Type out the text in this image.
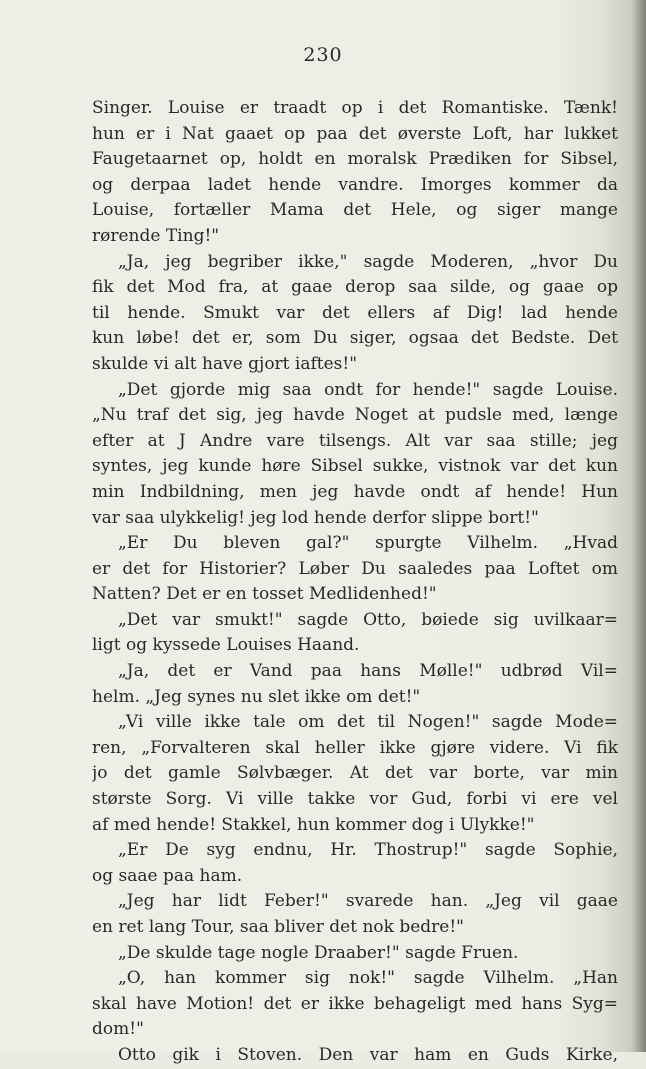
230
Singer. Louise er traadt op i det Romantiske. Tænk!
hun er i Nat gaaet op paa det øverste Loft, har lukket
Faugetaarnet op, holdt en moralsk Prædiken for Sibsel,
og derpaa ladet hende vandre. Imorges kommer da
Louise, fortæller Mama det Hele, og siger mange
rørende Ting!"
„Ja, jeg begriber ikke," sagde Moderen, „hvor Du
fik det Mod fra, at gaae derop saa silde, og gaae op
til hende. Smukt var det ellers af Dig! lad hende
kun løbe! det er, som Du siger, ogsaa det Bedste. Det
skulde vi alt have gjort iaftes!"
„Det gjorde mig saa ondt for hende!" sagde Louise.
„Nu traf det sig, jeg havde Noget at pudsle med, længe
efter at J Andre vare tilsengs. Alt var saa stille; jeg
syntes, jeg kunde høre Sibsel sukke, vistnok var det kun
min Indbildning, men jeg havde ondt af hende! Hun
var saa ulykkelig! jeg lod hende derfor slippe bort!"
„Er Du bleven gal?" spurgte Vilhelm. „Hvad
er det for Historier? Løber Du saaledes paa Loftet om
Natten? Det er en tosset Medlidenhed!"
„Det var smukt!" sagde Otto, bøiede sig uvilkaar=
ligt og kyssede Louises Haand.
„Ja, det er Vand paa hans Mølle!" udbrød Vil=
helm. „Jeg synes nu slet ikke om det!"
„Vi ville ikke tale om det til Nogen!" sagde Mode=
ren, „Forvalteren skal heller ikke gjøre videre. Vi fik
jo det gamle Sølvbæger. At det var borte, var min
største Sorg. Vi ville takke vor Gud, forbi vi ere vel
af med hende! Stakkel, hun kommer dog i Ulykke!"
„Er De syg endnu, Hr. Thostrup!" sagde Sophie,
og saae paa ham.
„Jeg har lidt Feber!" svarede han. „Jeg vil gaae
en ret lang Tour, saa bliver det nok bedre!"
„De skulde tage nogle Draaber!" sagde Fruen.
„O, han kommer sig nok!" sagde Vilhelm. „Han
skal have Motion! det er ikke behageligt med hans Syg=
dom!"
Otto gik i Stoven. Den var ham en Guds Kirke,
